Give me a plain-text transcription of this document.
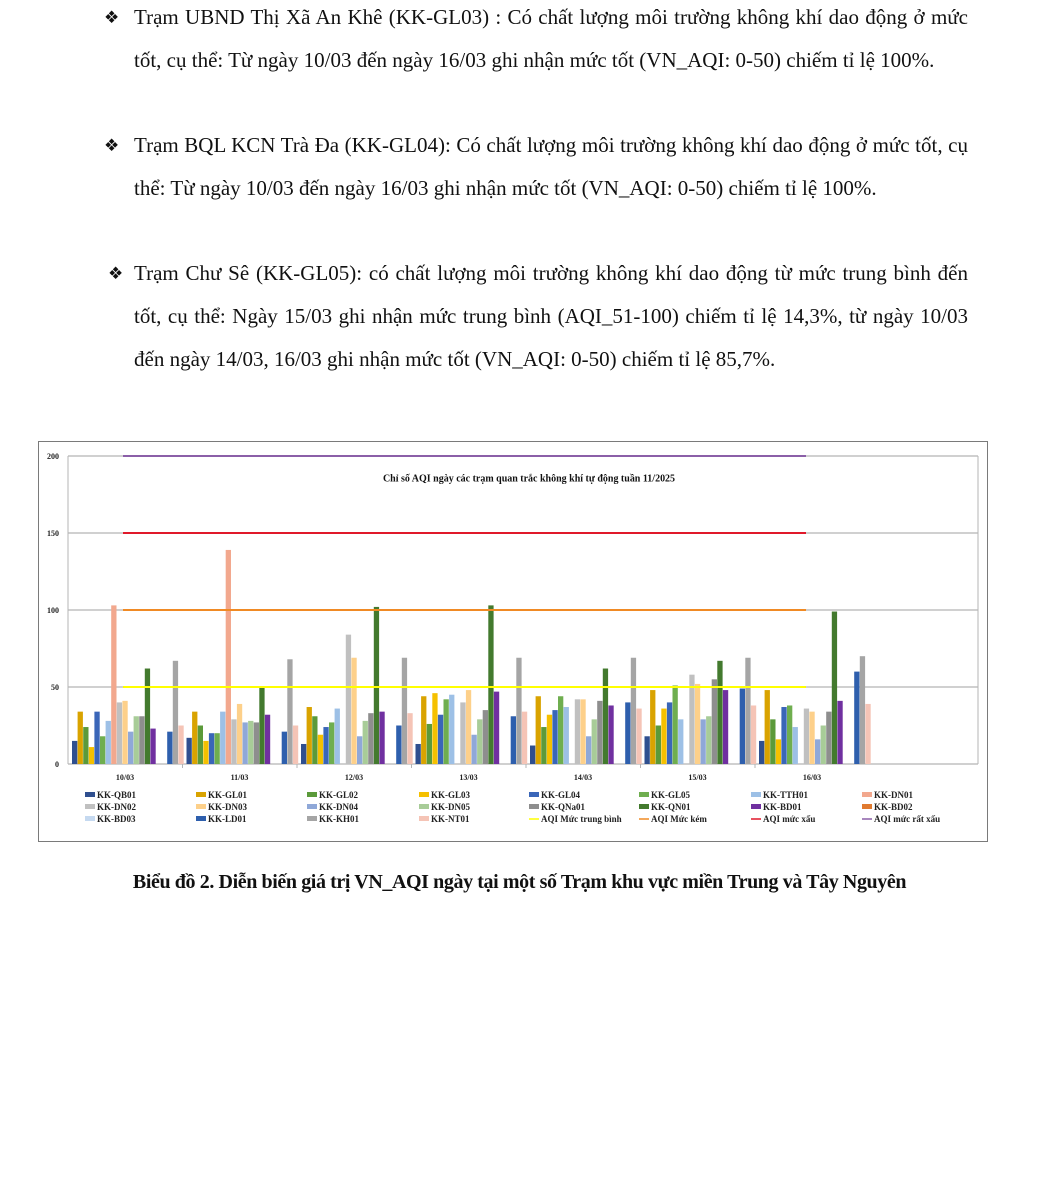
❖ Trạm UBND Thị Xã An Khê (KK-GL03) : Có chất lượng môi trường không khí dao động ở mức tốt, cụ thể: Từ ngày 10/03 đến ngày 16/03 ghi nhận mức tốt (VN_AQI: 0-50) chiếm tỉ lệ 100%.
❖ Trạm BQL KCN Trà Đa (KK-GL04): Có chất lượng môi trường không khí dao động ở mức tốt, cụ thể: Từ ngày 10/03 đến ngày 16/03 ghi nhận mức tốt (VN_AQI: 0-50) chiếm tỉ lệ 100%.
❖ Trạm Chư Sê (KK-GL05): có chất lượng môi trường không khí dao động từ mức trung bình đến tốt, cụ thể: Ngày 15/03 ghi nhận mức trung bình (AQI_51-100) chiếm tỉ lệ 14,3%, từ ngày 10/03 đến ngày 14/03, 16/03 ghi nhận mức tốt (VN_AQI: 0-50) chiếm tỉ lệ 85,7%.
0
50
100
150
200
10/03	11/03	12/03	13/03	14/03	15/03	16/03
Chỉ số AQI ngày các trạm quan trắc không khí tự động tuần 11/2025
KK-QB01	KK-GL01	KK-GL02	KK-GL03	KK-GL04	KK-GL05	KK-TTH01	KK-DN01
KK-DN02	KK-DN03	KK-DN04	KK-DN05	KK-QNa01	KK-QN01	KK-BD01	KK-BD02
KK-BD03	KK-LD01	KK-KH01	KK-NT01	AQI Mức trung bình	AQI Mức kém	AQI mức xấu	AQI mức rất xấu
Biểu đồ 2. Diễn biến giá trị VN_AQI ngày tại một số Trạm khu vực miền Trung và Tây Nguyên
